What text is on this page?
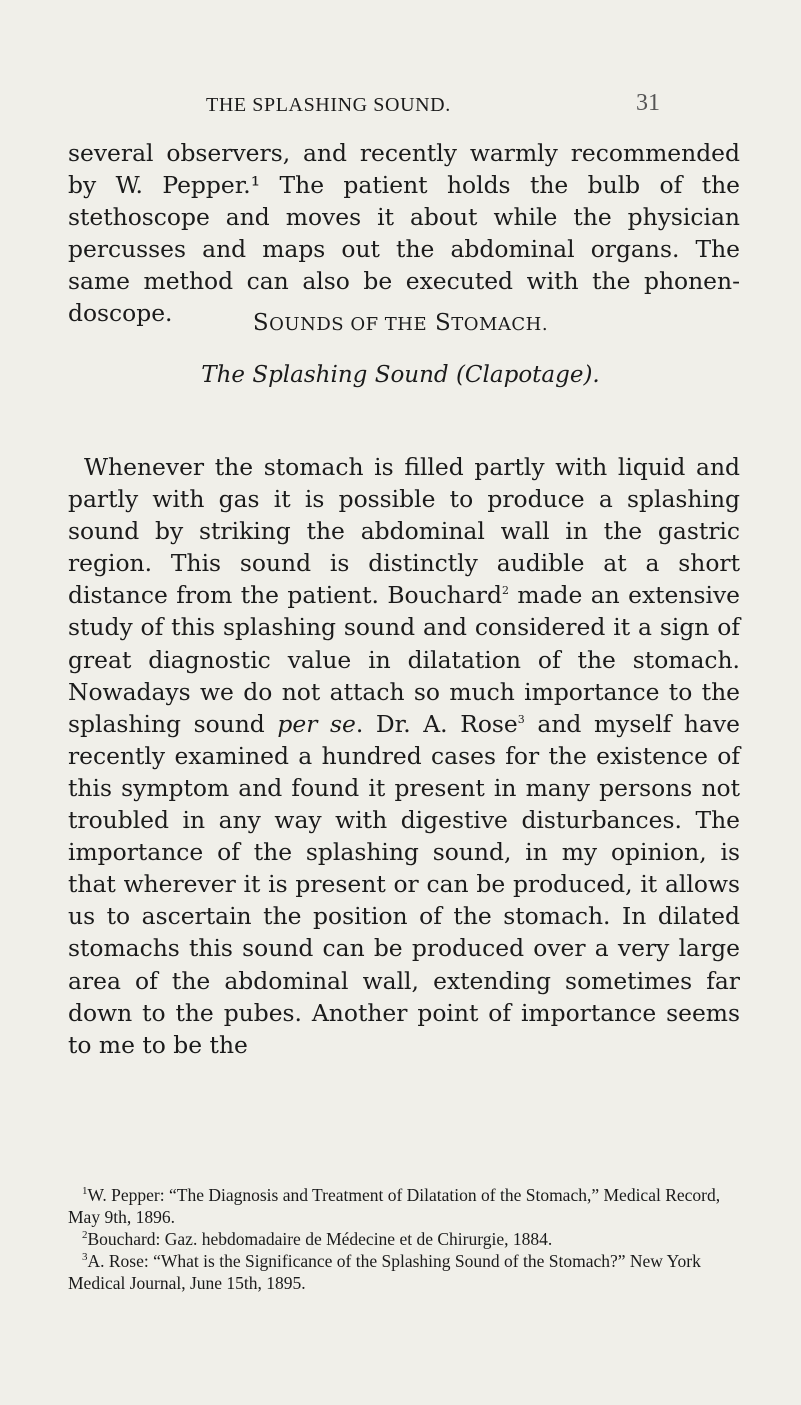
THE SPLASHING SOUND.	31

several observers, and recently warmly recommended by W. Pepper.¹ The patient holds the bulb of the stethoscope and moves it about while the physician percusses and maps out the abdominal organs. The same method can also be executed with the phonen-doscope.	SOUNDS OF THE STOMACH.
The Splashing Sound (Clapotage).

Whenever the stomach is filled partly with liquid and partly with gas it is possible to produce a splashing sound by striking the abdominal wall in the gastric region. This sound is distinctly audible at a short distance from the patient. Bouchard$^2$ made an extensive study of this splashing sound and considered it a sign of great diagnostic value in dilatation of the stomach. Nowadays we do not attach so much importance to the splashing sound per se. Dr. A. Rose$^3$ and myself have recently examined a hundred cases for the existence of this symptom and found it present in many persons not troubled in any way with digestive disturbances. The importance of the splashing sound, in my opinion, is that wherever it is present or can be produced, it allows us to ascertain the position of the stomach. In dilated stomachs this sound can be produced over a very large area of the abdominal wall, extending sometimes far down to the pubes. Another point of importance seems to me to be the

$^1$W. Pepper: “The Diagnosis and Treatment of Dilatation of the Stomach,” Medical Record, May 9th, 1896.

$^2$Bouchard: Gaz. hebdomadaire de Médecine et de Chirurgie, 1884.

$^3$A. Rose: “What is the Significance of the Splashing Sound of the Stomach?” New York Medical Journal, June 15th, 1895.
